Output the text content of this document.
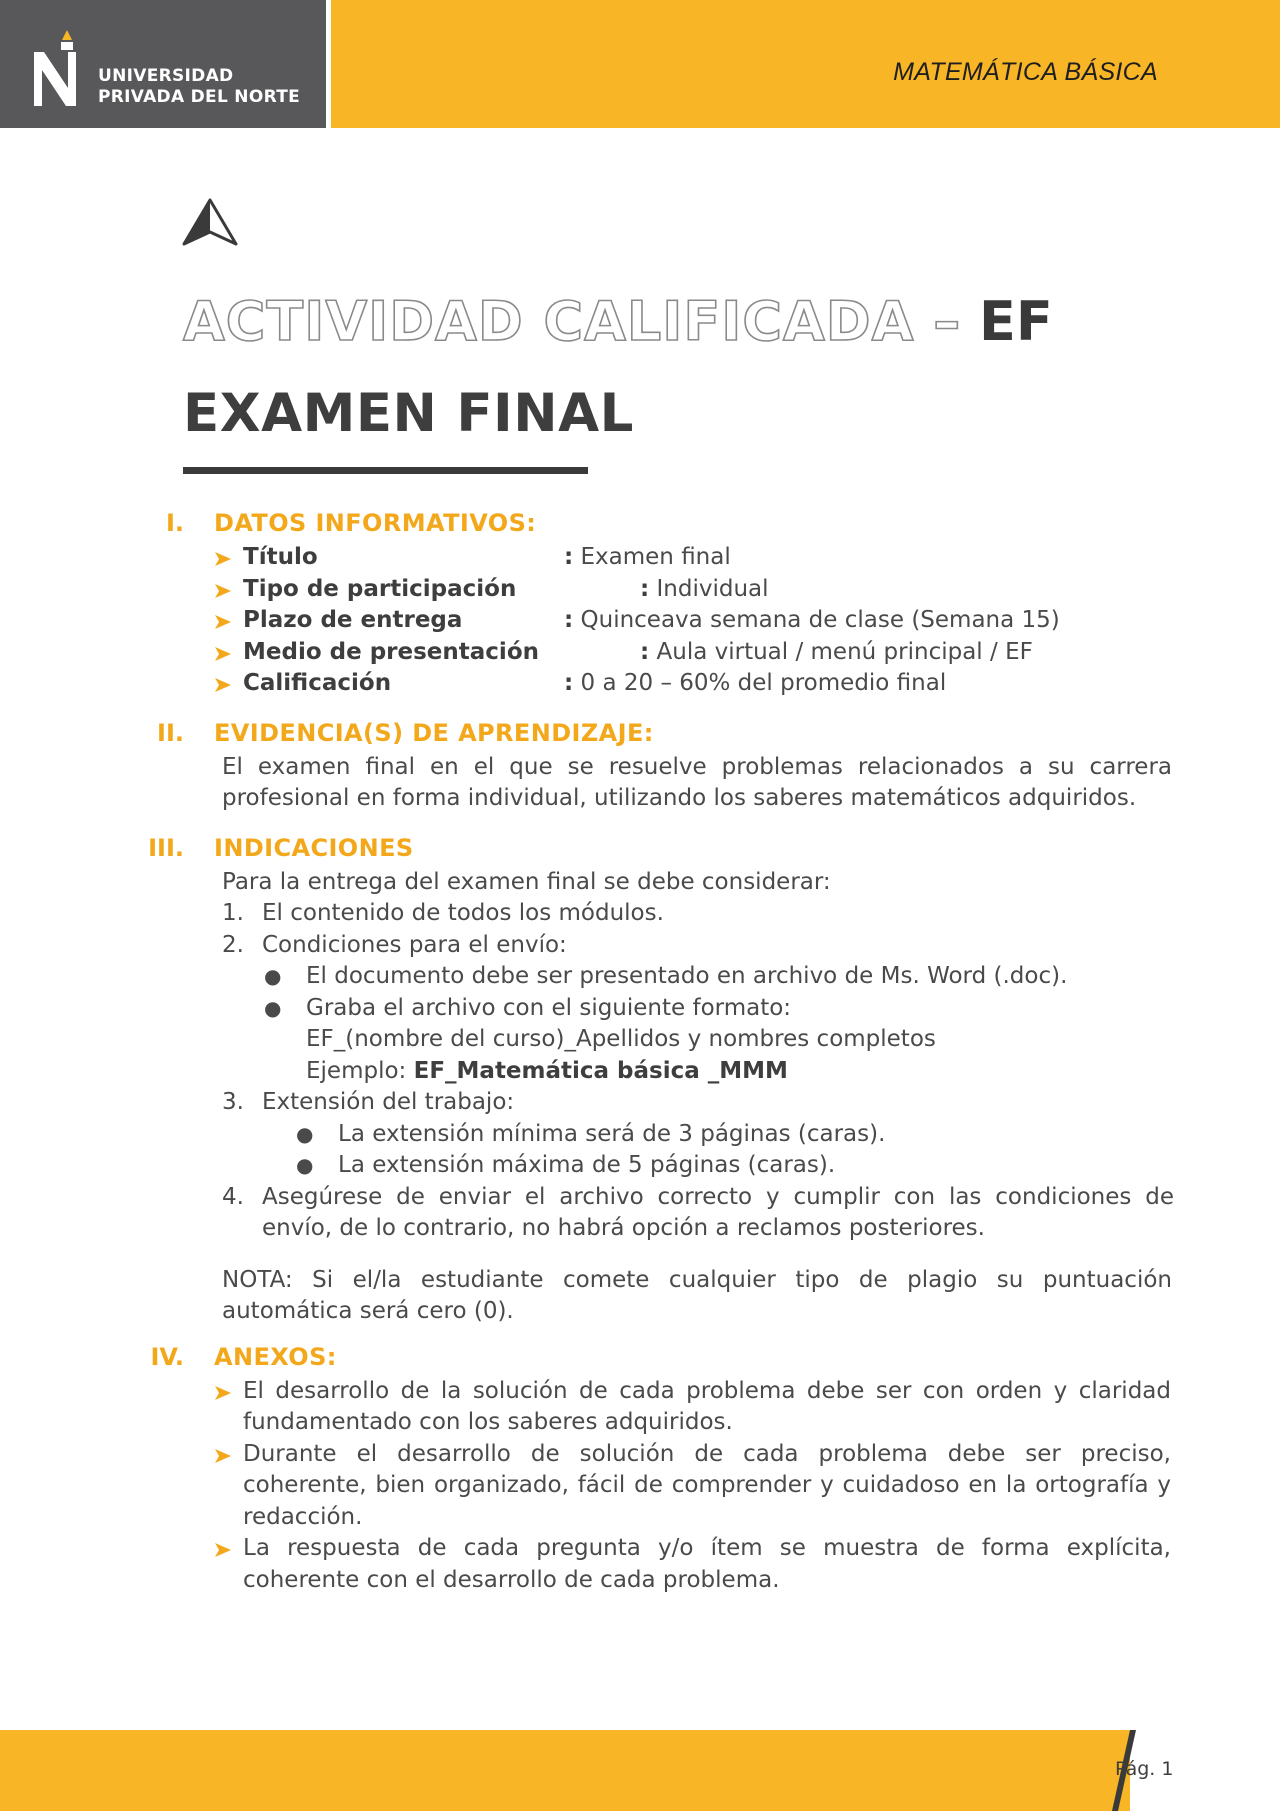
UNIVERSIDAD
PRIVADA DEL NORTE
MATEMÁTICA BÁSICA
ACTIVIDAD CALIFICADA – EF
EXAMEN FINAL
I. DATOS INFORMATIVOS:
Título	: Examen final
Tipo de participación	: Individual
Plazo de entrega	: Quinceava semana de clase (Semana 15)
Medio de presentación	: Aula virtual / menú principal / EF
Calificación	: 0 a 20 – 60% del promedio final
II. EVIDENCIA(S) DE APRENDIZAJE:
El examen final en el que se resuelve problemas relacionados a su carrera profesional en forma individual, utilizando los saberes matemáticos adquiridos.
III. INDICACIONES
Para la entrega del examen final se debe considerar:
1. El contenido de todos los módulos.
2. Condiciones para el envío:
● El documento debe ser presentado en archivo de Ms. Word (.doc).
● Graba el archivo con el siguiente formato:
EF_(nombre del curso)_Apellidos y nombres completos
Ejemplo: EF_Matemática básica _MMM
3. Extensión del trabajo:
● La extensión mínima será de 3 páginas (caras).
● La extensión máxima de 5 páginas (caras).
4. Asegúrese de enviar el archivo correcto y cumplir con las condiciones de envío, de lo contrario, no habrá opción a reclamos posteriores.
NOTA: Si el/la estudiante comete cualquier tipo de plagio su puntuación automática será cero (0).
IV. ANEXOS:
El desarrollo de la solución de cada problema debe ser con orden y claridad fundamentado con los saberes adquiridos.
Durante el desarrollo de solución de cada problema debe ser preciso, coherente, bien organizado, fácil de comprender y cuidadoso en la ortografía y redacción.
La respuesta de cada pregunta y/o ítem se muestra de forma explícita, coherente con el desarrollo de cada problema.
Pág. 1
